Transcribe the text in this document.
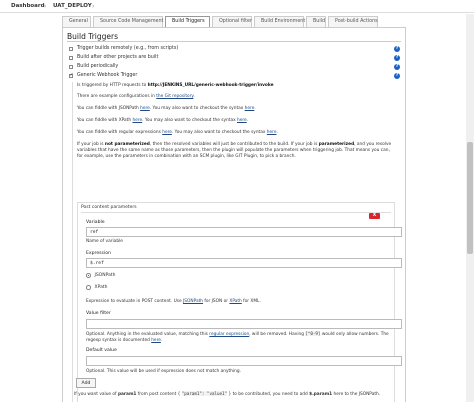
Dashboard › UAT_DEPLOY ›
General	Source Code Management	Build Triggers	Optional filter	Build Environment	Build	Post-build Actions
Build Triggers
Trigger builds remotely (e.g., from scripts)	?
Build after other projects are built	?
Build periodically	?
✓
Generic Webhook Trigger	?
Is triggered by HTTP requests to http://JENKINS_URL/generic-webhook-trigger/invoke
There are example configurations in the Git repository.
You can fiddle with JSONPath here. You may also want to checkout the syntax here.
You can fiddle with XPath here. You may also want to checkout the syntax here.
You can fiddle with regular expressions here. You may also want to checkout the syntax here.
If your job is not parameterized, then the resolved variables will just be contributed to the build. If your job is parameterized, and you resolve variables that have the same name as those parameters, then the plugin will populate the parameters when triggering job. That means you can, for example, use the parameters in combination with an SCM plugin, like GIT Plugin, to pick a branch.
Post content parameters
X
Variable
ref
Name of variable
Expression
$.ref
JSONPath
XPath
Expression to evaluate in POST content. Use JSONPath for JSON or XPath for XML.
Value filter
Optional. Anything in the evaluated value, matching this regular expression, will be removed. Having [^0-9] would only allow numbers. The regexp syntax is documented here.
Default value
Optional. This value will be used if expression does not match anything.
Add
If you want value of param1 from post content { "param1": "value1" } to be contributed, you need to add $.param1 here to the JSONPath.
